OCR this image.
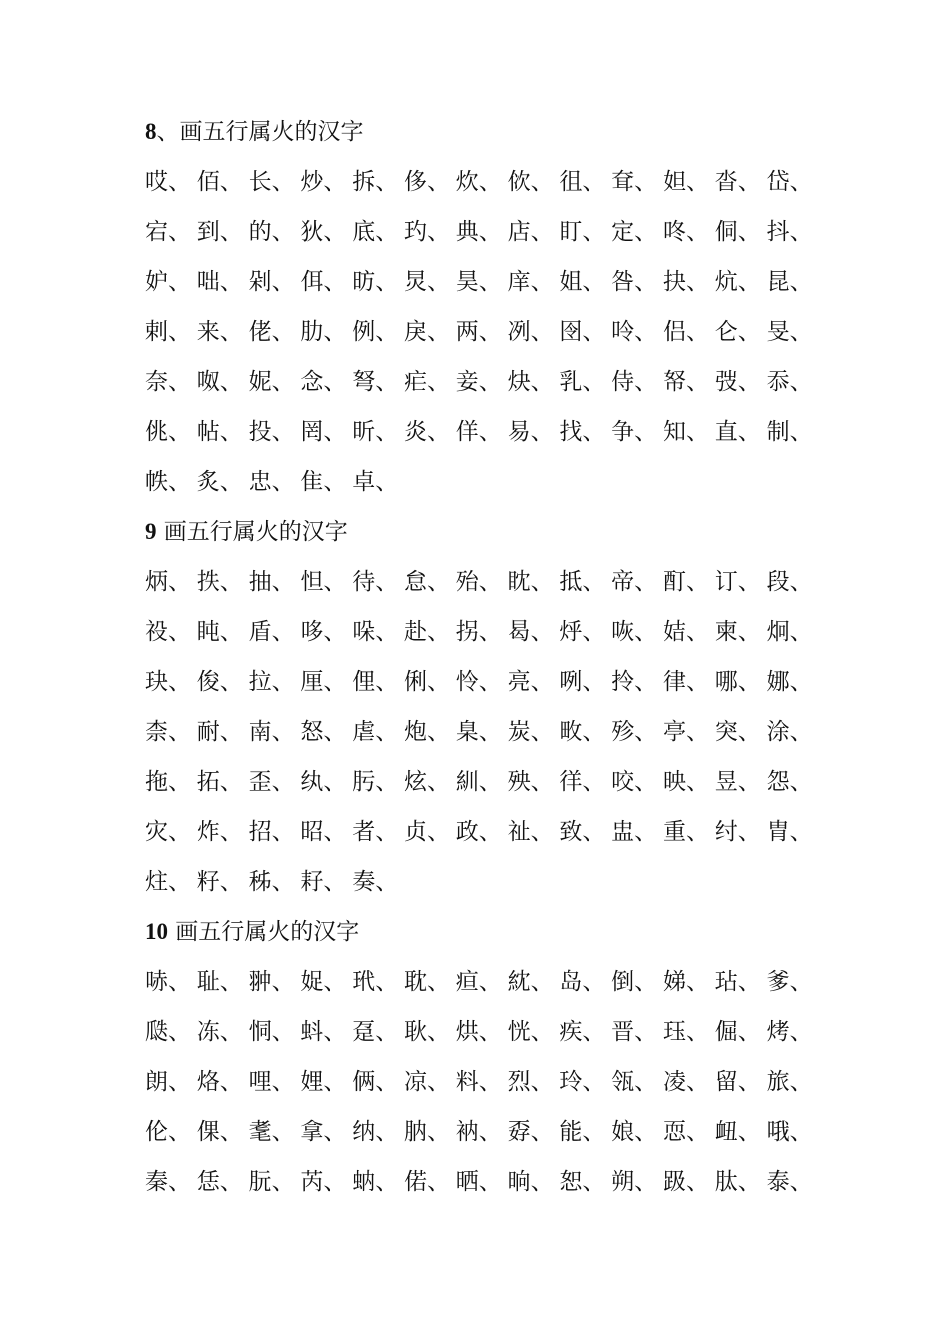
8、画五行属火的汉字
哎、 佰、 长、 炒、 拆、 侈、 炊、 佽、 徂、 耷、 妲、 沓、 岱、
宕、 到、 的、 狄、 底、 玓、 典、 店、 盯、 定、 咚、 侗、 抖、
妒、 咄、 剁、 佴、 昉、 炅、 昊、 庠、 姐、 咎、 抉、 炕、 昆、
剌、 来、 佬、 肋、 例、 戾、 两、 冽、 囹、 呤、 侣、 仑、 旻、
奈、 呶、 妮、 念、 弩、 疟、 妾、 炔、 乳、 侍、 帑、 弢、 忝、
佻、 帖、 投、 罔、 昕、 炎、 佯、 易、 找、 争、 知、 直、 制、
帙、 炙、 忠、 隹、 卓、
9 画五行属火的汉字
炳、 抶、 抽、 怛、 待、 怠、 殆、 眈、 抵、 帝、 酊、 订、 段、
祋、 盹、 盾、 哆、 哚、 赴、 拐、 曷、 烀、 咴、 姞、 柬、 炯、
玦、 俊、 拉、 厘、 俚、 俐、 怜、 亮、 咧、 拎、 律、 哪、 娜、
柰、 耐、 南、 怒、 虐、 炮、 臬、 炭、 畋、 殄、 亭、 突、 涂、
拖、 拓、 歪、 纨、 肟、 炫、 紃、 殃、 徉、 咬、 映、 昱、 怨、
灾、 炸、 招、 昭、 者、 贞、 政、 祉、 致、 盅、 重、 纣、 胄、
炷、 籽、 秭、 耔、 奏、
10 画五行属火的汉字
哧、 耻、 翀、 娖、 玳、 耽、 疸、 紞、 岛、 倒、 娣、 玷、 爹、
瓞、 冻、 恫、 蚪、 趸、 耿、 烘、 恍、 疾、 晋、 珏、 倔、 烤、
朗、 烙、 哩、 娌、 俩、 凉、 料、 烈、 玲、 瓴、 凌、 留、 旅、
伦、 倮、 耄、 拿、 纳、 肭、 衲、 孬、 能、 娘、 恧、 衄、 哦、
秦、 恁、 朊、 芮、 蚋、 偌、 晒、 晌、 恕、 朔、 趿、 肽、 泰、
